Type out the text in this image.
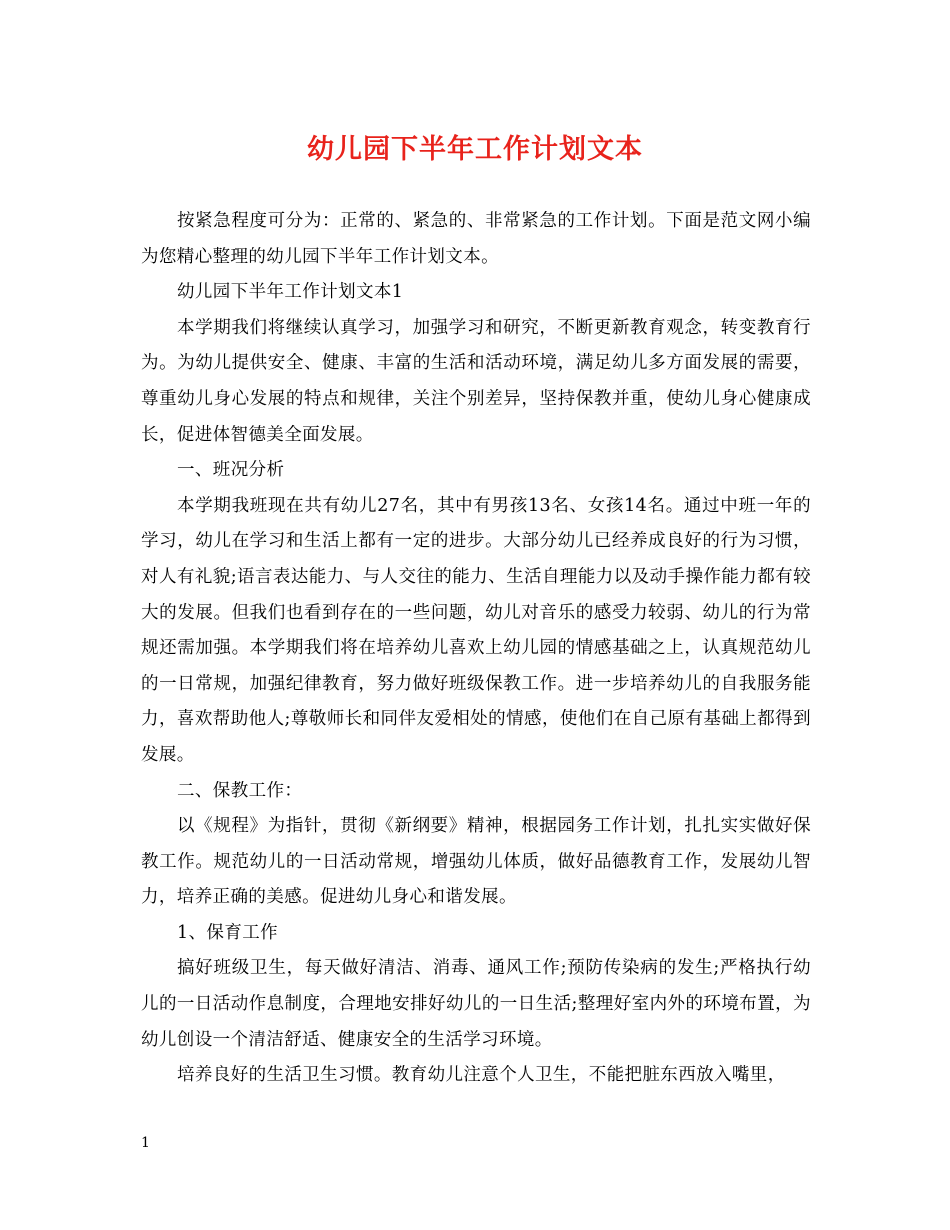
幼儿园下半年工作计划文本

按紧急程度可分为：正常的、紧急的、非常紧急的工作计划。下面是范文网小编为您精心整理的幼儿园下半年工作计划文本。

幼儿园下半年工作计划文本1

本学期我们将继续认真学习，加强学习和研究，不断更新教育观念，转变教育行为。为幼儿提供安全、健康、丰富的生活和活动环境，满足幼儿多方面发展的需要，尊重幼儿身心发展的特点和规律，关注个别差异，坚持保教并重，使幼儿身心健康成长，促进体智德美全面发展。

一、班况分析

本学期我班现在共有幼儿27名，其中有男孩13名、女孩14名。通过中班一年的学习，幼儿在学习和生活上都有一定的进步。大部分幼儿已经养成良好的行为习惯，对人有礼貌;语言表达能力、与人交往的能力、生活自理能力以及动手操作能力都有较大的发展。但我们也看到存在的一些问题，幼儿对音乐的感受力较弱、幼儿的行为常规还需加强。本学期我们将在培养幼儿喜欢上幼儿园的情感基础之上，认真规范幼儿的一日常规，加强纪律教育，努力做好班级保教工作。进一步培养幼儿的自我服务能力，喜欢帮助他人;尊敬师长和同伴友爱相处的情感，使他们在自己原有基础上都得到发展。

二、保教工作：

以《规程》为指针，贯彻《新纲要》精神，根据园务工作计划，扎扎实实做好保教工作。规范幼儿的一日活动常规，增强幼儿体质，做好品德教育工作，发展幼儿智力，培养正确的美感。促进幼儿身心和谐发展。

1、保育工作

搞好班级卫生，每天做好清洁、消毒、通风工作;预防传染病的发生;严格执行幼儿的一日活动作息制度，合理地安排好幼儿的一日生活;整理好室内外的环境布置，为幼儿创设一个清洁舒适、健康安全的生活学习环境。

培养良好的生活卫生习惯。教育幼儿注意个人卫生，不能把脏东西放入嘴里，

1
